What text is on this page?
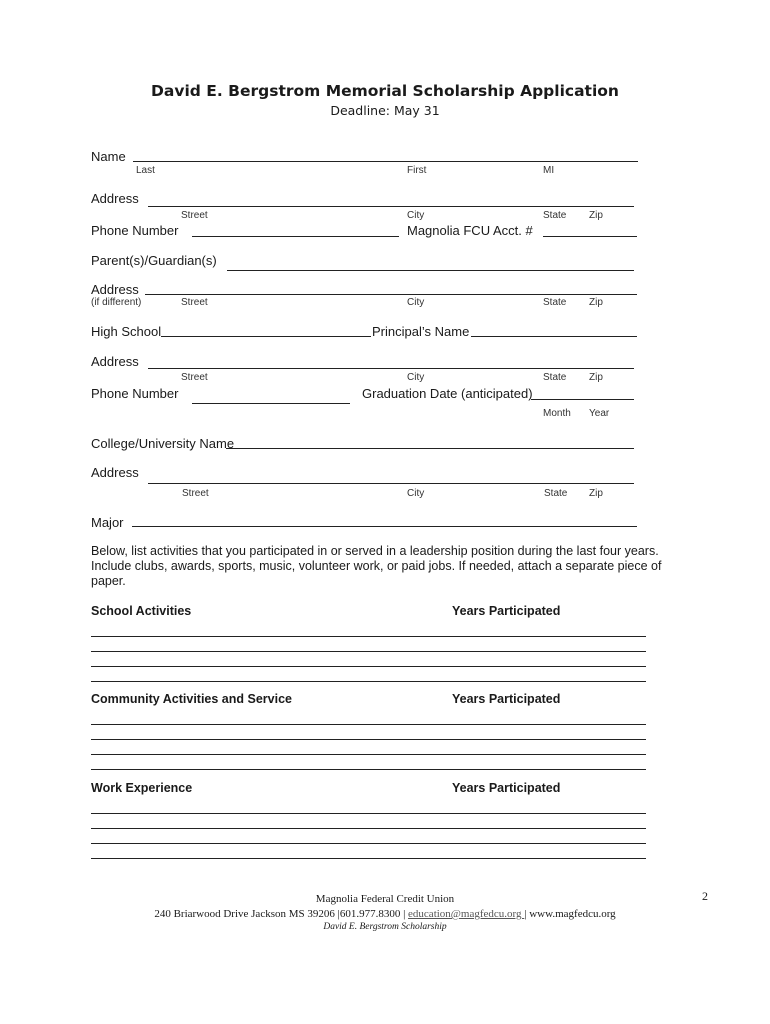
David E. Bergstrom Memorial Scholarship Application
Deadline: May 31
Name
Last	First	MI
Address
Street	City	State Zip
Phone Number	Magnolia FCU Acct. #
Parent(s)/Guardian(s)
Address
(if different)	Street	City	State Zip
High School	Principal’s Name
Address
Street	City	State Zip
Phone Number	Graduation Date (anticipated)
Month Year
College/University Name
Address
Street	City	State Zip
Major
Below, list activities that you participated in or served in a leadership position during the last four years. Include clubs, awards, sports, music, volunteer work, or paid jobs. If needed, attach a separate piece of paper.
School Activities	Years Participated
Community Activities and Service	Years Participated
Work Experience	Years Participated
2
Magnolia Federal Credit Union
240 Briarwood Drive Jackson MS 39206 |601.977.8300 | education@magfedcu.org | www.magfedcu.org
David E. Bergstrom Scholarship
